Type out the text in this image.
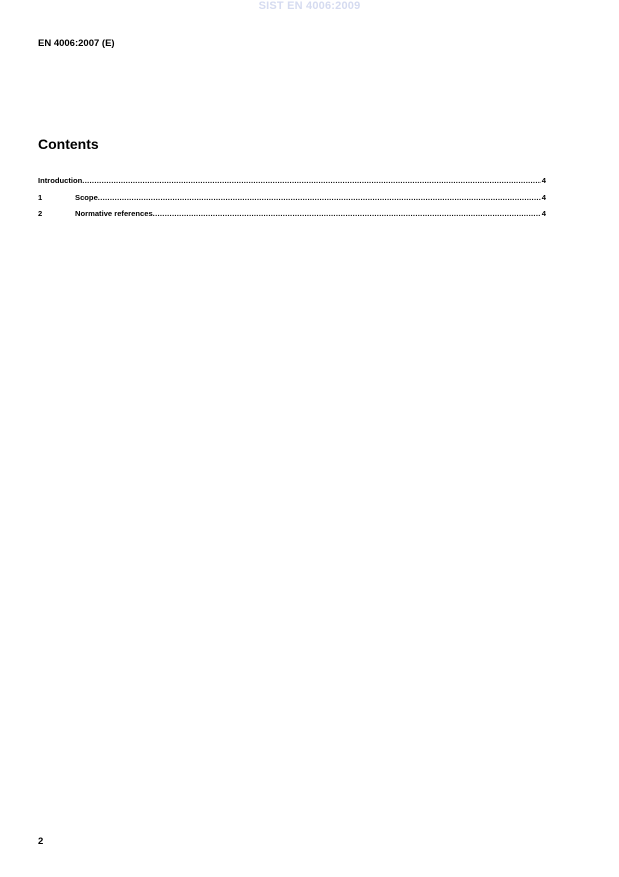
SIST EN 4006:2009
EN 4006:2007 (E)
Contents
Introduction .....	4
1	Scope .....	4
2	Normative references .....	4
2
